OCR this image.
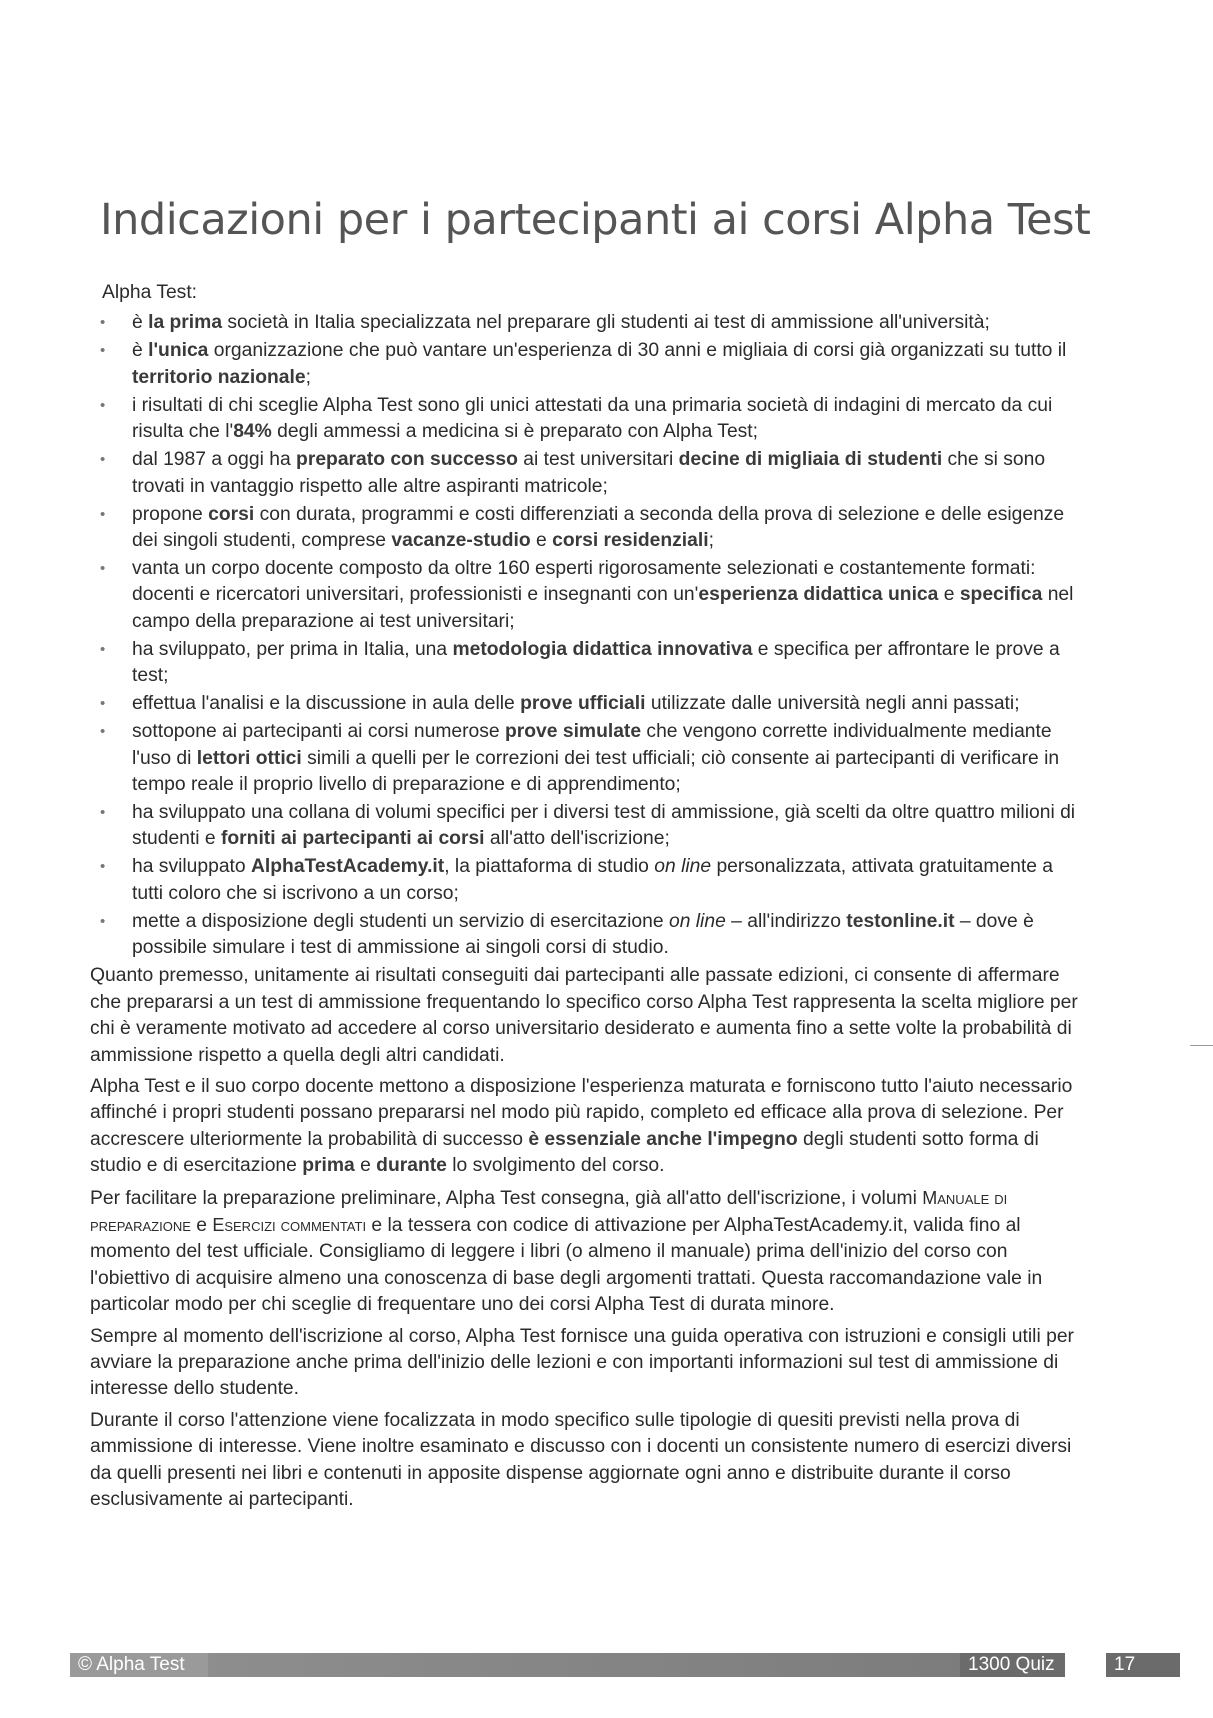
Indicazioni per i partecipanti ai corsi Alpha Test
Alpha Test:
• è la prima società in Italia specializzata nel preparare gli studenti ai test di ammissione all'università;
• è l'unica organizzazione che può vantare un'esperienza di 30 anni e migliaia di corsi già organizzati su tutto il territorio nazionale;
• i risultati di chi sceglie Alpha Test sono gli unici attestati da una primaria società di indagini di mercato da cui risulta che l'84% degli ammessi a medicina si è preparato con Alpha Test;
• dal 1987 a oggi ha preparato con successo ai test universitari decine di migliaia di studenti che si sono trovati in vantaggio rispetto alle altre aspiranti matricole;
• propone corsi con durata, programmi e costi differenziati a seconda della prova di selezione e delle esigenze dei singoli studenti, comprese vacanze-studio e corsi residenziali;
• vanta un corpo docente composto da oltre 160 esperti rigorosamente selezionati e costantemente formati: docenti e ricercatori universitari, professionisti e insegnanti con un'esperienza didattica unica e specifica nel campo della preparazione ai test universitari;
• ha sviluppato, per prima in Italia, una metodologia didattica innovativa e specifica per affrontare le prove a test;
• effettua l'analisi e la discussione in aula delle prove ufficiali utilizzate dalle università negli anni passati;
• sottopone ai partecipanti ai corsi numerose prove simulate che vengono corrette individualmente mediante l'uso di lettori ottici simili a quelli per le correzioni dei test ufficiali; ciò consente ai partecipanti di verificare in tempo reale il proprio livello di preparazione e di apprendimento;
• ha sviluppato una collana di volumi specifici per i diversi test di ammissione, già scelti da oltre quattro milioni di studenti e forniti ai partecipanti ai corsi all'atto dell'iscrizione;
• ha sviluppato AlphaTestAcademy.it, la piattaforma di studio on line personalizzata, attivata gratuitamente a tutti coloro che si iscrivono a un corso;
• mette a disposizione degli studenti un servizio di esercitazione on line – all'indirizzo testonline.it – dove è possibile simulare i test di ammissione ai singoli corsi di studio.

Quanto premesso, unitamente ai risultati conseguiti dai partecipanti alle passate edizioni, ci consente di affermare che prepararsi a un test di ammissione frequentando lo specifico corso Alpha Test rappresenta la scelta migliore per chi è veramente motivato ad accedere al corso universitario desiderato e aumenta fino a sette volte la probabilità di ammissione rispetto a quella degli altri candidati.

Alpha Test e il suo corpo docente mettono a disposizione l'esperienza maturata e forniscono tutto l'aiuto necessario affinché i propri studenti possano prepararsi nel modo più rapido, completo ed efficace alla prova di selezione. Per accrescere ulteriormente la probabilità di successo è essenziale anche l'impegno degli studenti sotto forma di studio e di esercitazione prima e durante lo svolgimento del corso.

Per facilitare la preparazione preliminare, Alpha Test consegna, già all'atto dell'iscrizione, i volumi Manuale di preparazione e Esercizi commentati e la tessera con codice di attivazione per AlphaTestAcademy.it, valida fino al momento del test ufficiale. Consigliamo di leggere i libri (o almeno il manuale) prima dell'inizio del corso con l'obiettivo di acquisire almeno una conoscenza di base degli argomenti trattati. Questa raccomandazione vale in particolar modo per chi sceglie di frequentare uno dei corsi Alpha Test di durata minore.

Sempre al momento dell'iscrizione al corso, Alpha Test fornisce una guida operativa con istruzioni e consigli utili per avviare la preparazione anche prima dell'inizio delle lezioni e con importanti informazioni sul test di ammissione di interesse dello studente.

Durante il corso l'attenzione viene focalizzata in modo specifico sulle tipologie di quesiti previsti nella prova di ammissione di interesse. Viene inoltre esaminato e discusso con i docenti un consistente numero di esercizi diversi da quelli presenti nei libri e contenuti in apposite dispense aggiornate ogni anno e distribuite durante il corso esclusivamente ai partecipanti.

© Alpha Test	1300 Quiz	17
